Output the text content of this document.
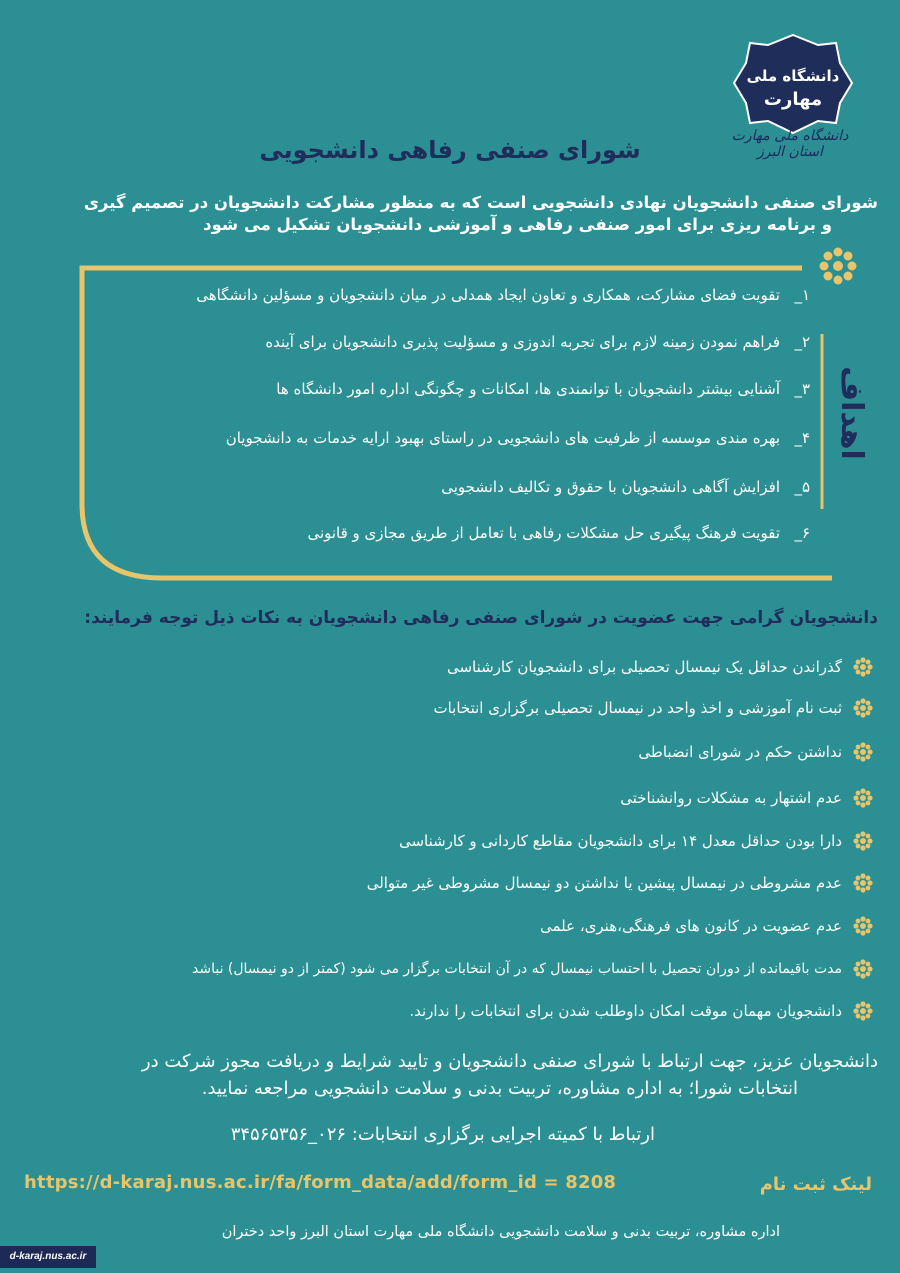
دانشگاه ملی
مهارت
دانشگاه ملی مهارت استان البرز
شورای صنفی رفاهی دانشجویی
شورای صنفی دانشجویان نهادی دانشجویی است که به منظور مشارکت دانشجویان در تصمیم گیری
و برنامه ریزی برای امور صنفی رفاهی و آموزشی دانشجویان تشکیل می شود
اهداف
۱_
تقویت فضای مشارکت، همکاری و تعاون ایجاد همدلی در میان دانشجویان و مسؤلین دانشگاهی
۲_
فراهم نمودن زمینه لازم برای تجربه اندوزی و مسؤلیت پذیری دانشجویان برای آینده
۳_
آشنایی بیشتر دانشجویان با توانمندی ها، امکانات و چگونگی اداره امور دانشگاه ها
۴_
بهره مندی موسسه از ظرفیت های دانشجویی در راستای بهبود ارایه خدمات به دانشجویان
۵_
افزایش آگاهی دانشجویان با حقوق و تکالیف دانشجویی
۶_
تقویت فرهنگ پیگیری حل مشکلات رفاهی با تعامل از طریق مجازی و قانونی
دانشجویان گرامی جهت عضویت در شورای صنفی رفاهی دانشجویان به نکات ذیل توجه فرمایند:
گذراندن حداقل یک نیمسال تحصیلی برای دانشجویان کارشناسی
ثبت نام آموزشی و اخذ واحد در نیمسال تحصیلی برگزاری انتخابات
نداشتن حکم در شورای انضباطی
عدم اشتهار به مشکلات روانشناختی
دارا بودن حداقل معدل ۱۴ برای دانشجویان مقاطع کاردانی و کارشناسی
عدم مشروطی در نیمسال پیشین یا نداشتن دو نیمسال مشروطی غیر متوالی
عدم عضویت در کانون های فرهنگی،هنری، علمی
مدت باقیمانده از دوران تحصیل با احتساب نیمسال که در آن انتخابات برگزار می شود (کمتر از دو نیمسال) نباشد
دانشجویان مهمان موقت امکان داوطلب شدن برای انتخابات را ندارند.
دانشجویان عزیز، جهت ارتباط با شورای صنفی دانشجویان و تایید شرایط و دریافت مجوز شرکت در
انتخابات شورا؛ به اداره مشاوره، تربیت بدنی و سلامت دانشجویی مراجعه نمایید.
ارتباط با کمیته اجرایی برگزاری انتخابات: ۰۲۶_۳۴۵۶۵۳۵۶
https://d-karaj.nus.ac.ir/fa/form_data/add/form_id = 8208	لینک ثبت نام
اداره مشاوره، تربیت بدنی و سلامت دانشجویی دانشگاه ملی مهارت استان البرز واحد دختران
d-karaj.nus.ac.ir
